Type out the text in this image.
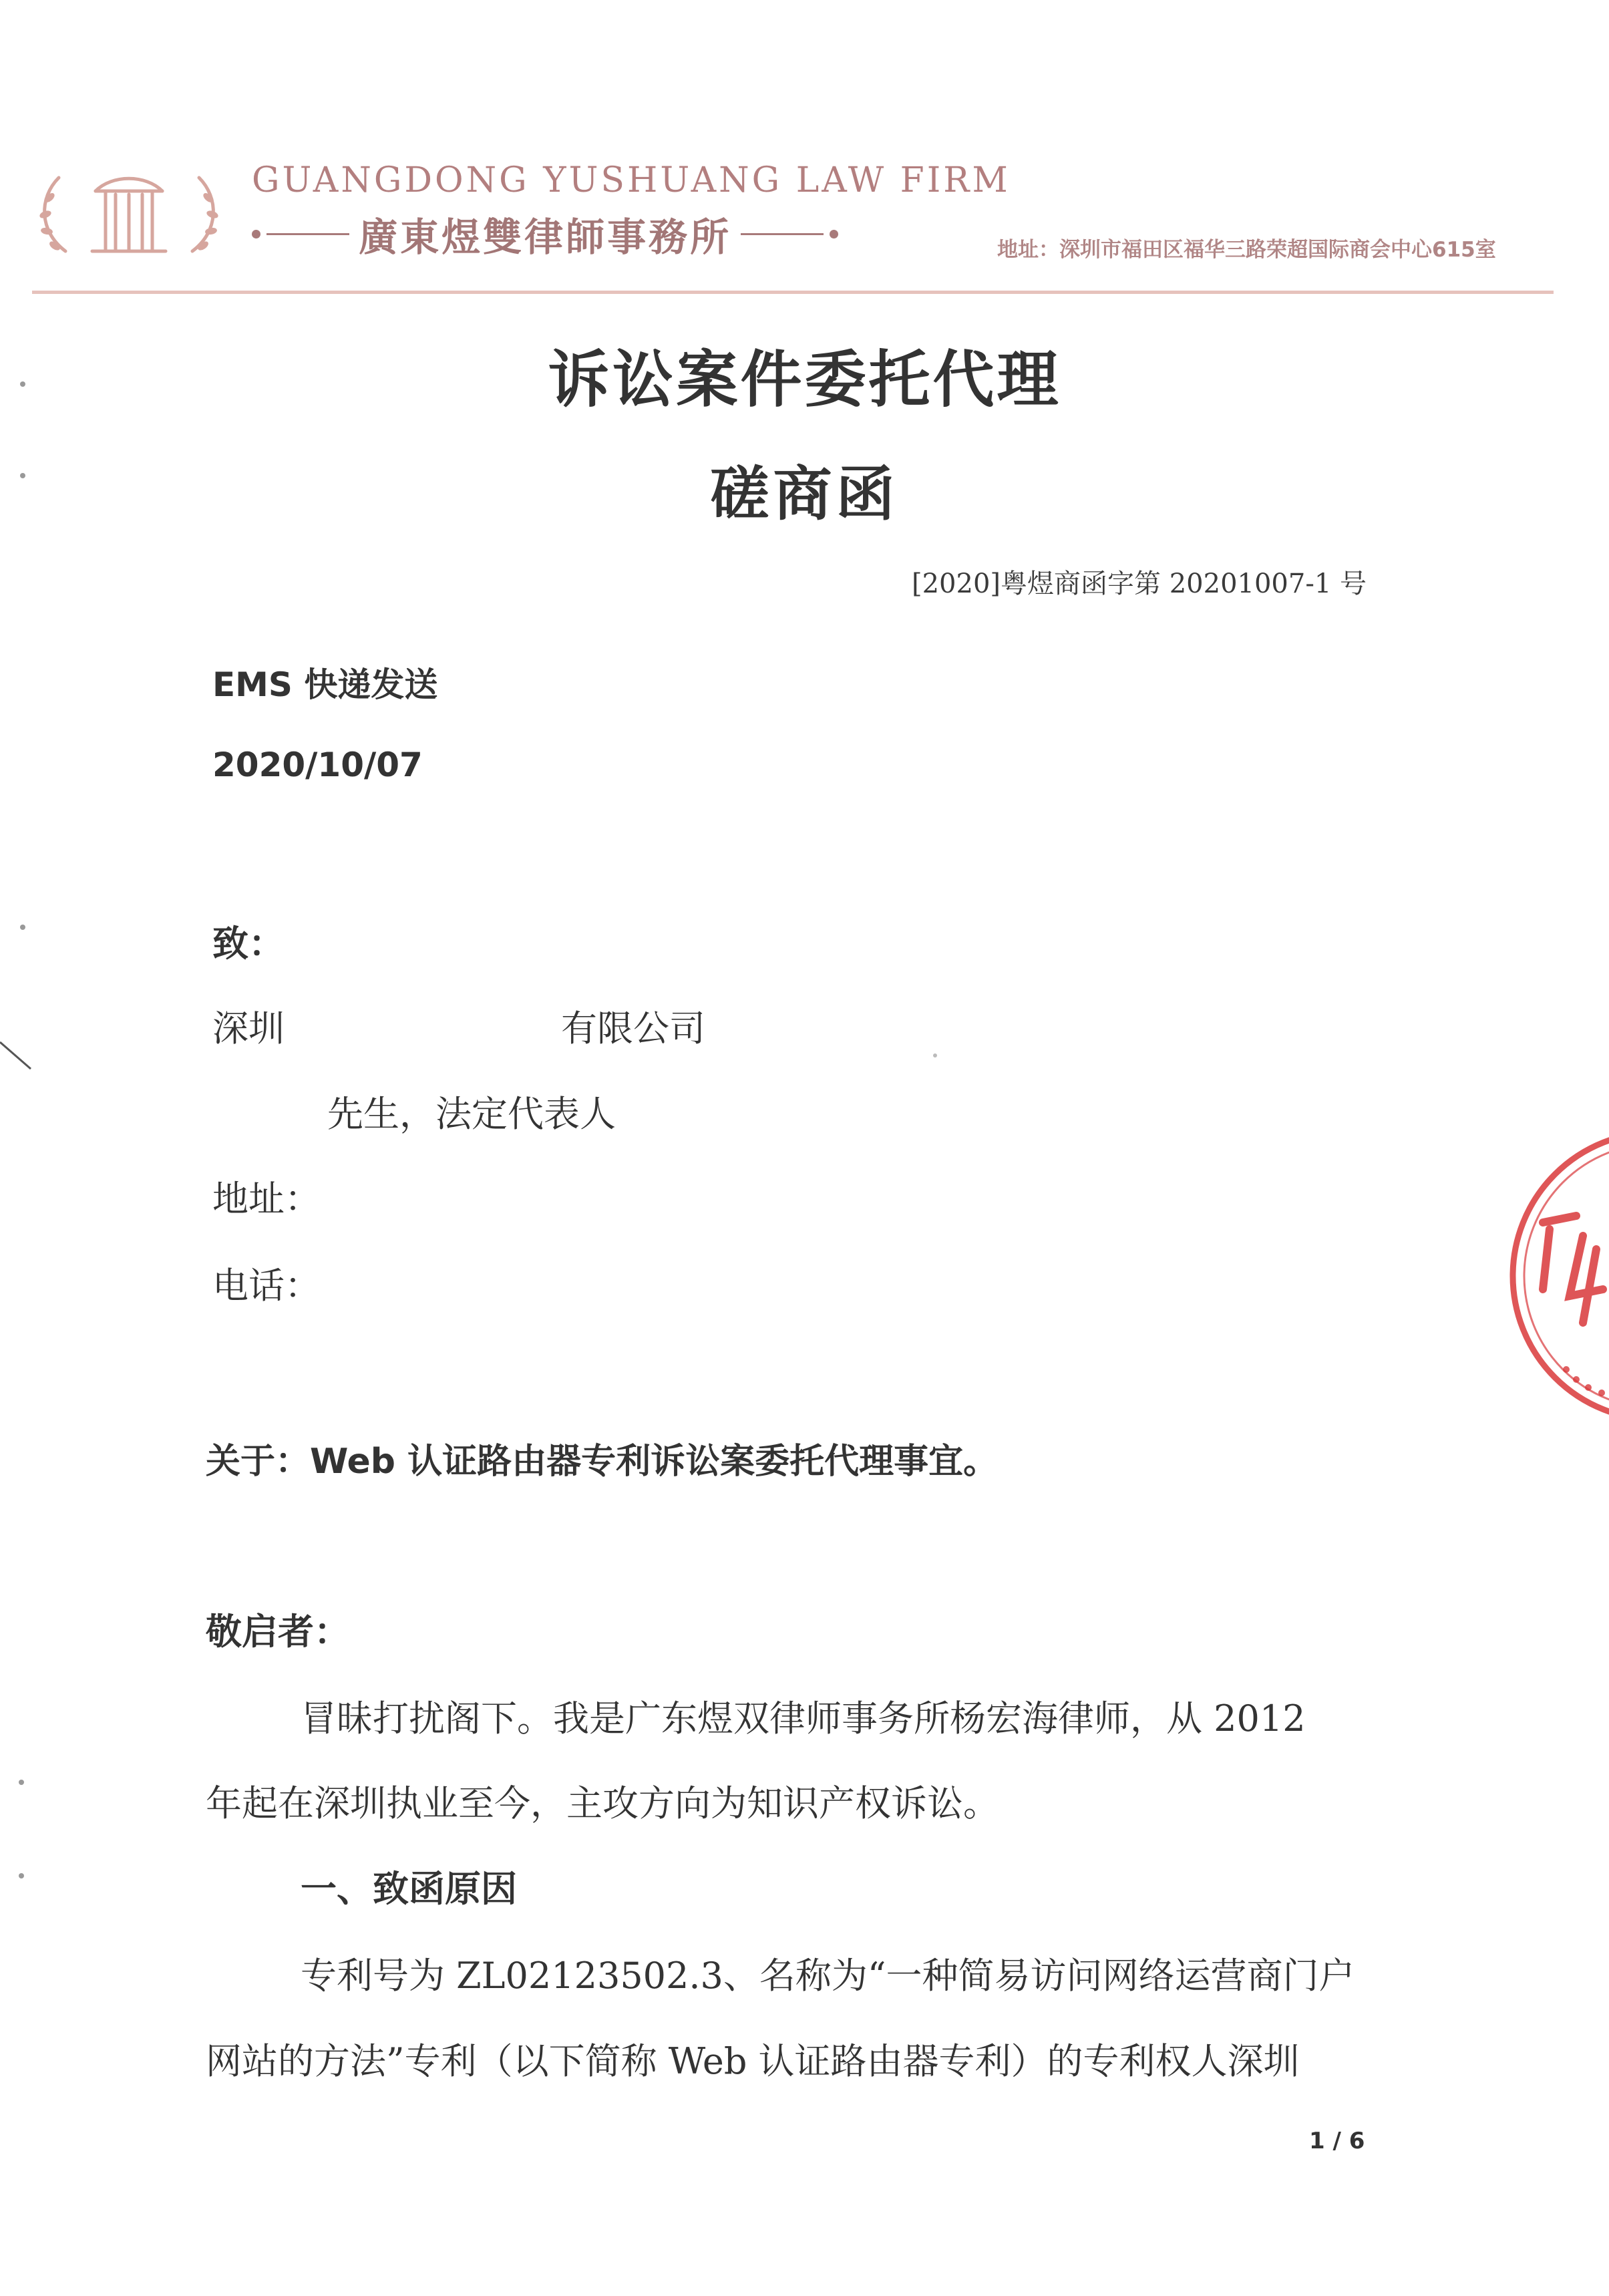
GUANGDONG YUSHUANG LAW FIRM
廣東煜雙律師事務所	地址：深圳市福田区福华三路荣超国际商会中心615室
诉讼案件委托代理
磋商函
[2020]粤煜商函字第 20201007-1 号
EMS 快递发送
2020/10/07
致：
深圳	有限公司
先生，法定代表人
地址：
电话：
关于：Web 认证路由器专利诉讼案委托代理事宜。
敬启者：
冒昧打扰阁下。我是广东煜双律师事务所杨宏海律师，从 2012
年起在深圳执业至今，主攻方向为知识产权诉讼。
一、致函原因
专利号为 ZL02123502.3、名称为“一种简易访问网络运营商门户
网站的方法”专利（以下简称 Web 认证路由器专利）的专利权人深圳
1 / 6
